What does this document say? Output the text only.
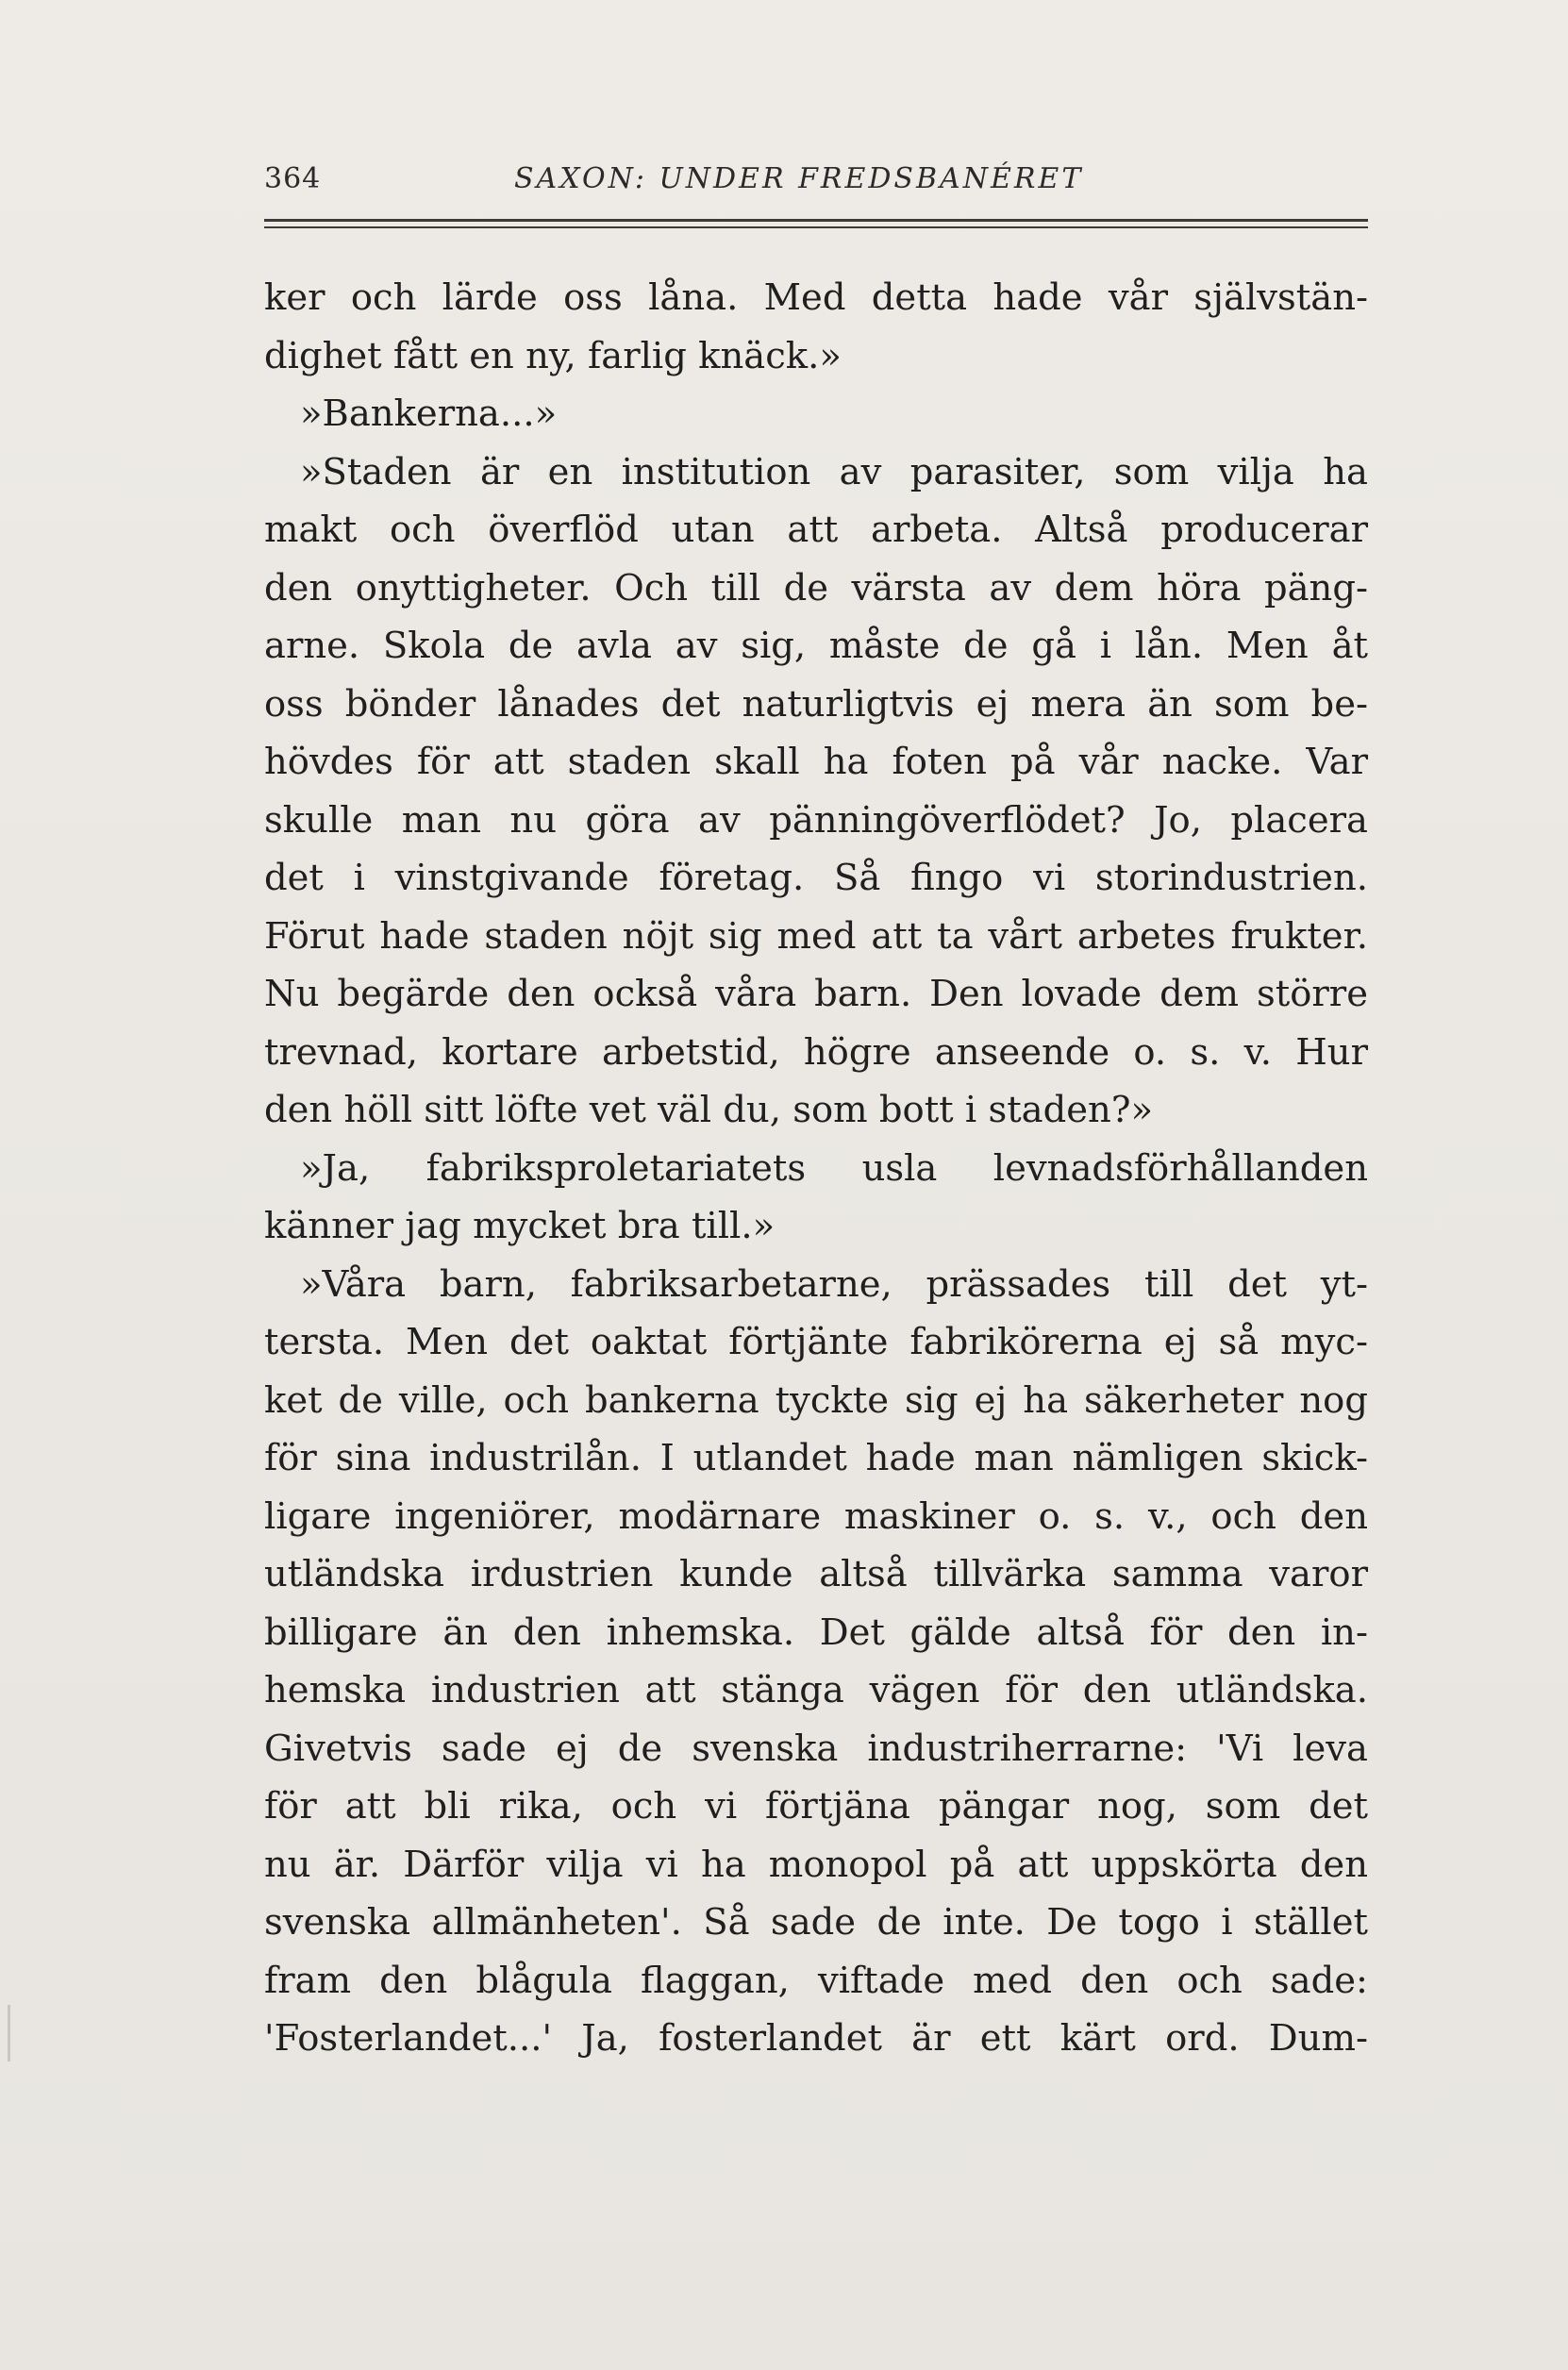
364	SAXON: UNDER FREDSBANÉRET
ker och lärde oss låna. Med detta hade vår självstän-
dighet fått en ny, farlig knäck.»
»Bankerna...»
»Staden är en institution av parasiter, som vilja ha
makt och överflöd utan att arbeta. Altså producerar
den onyttigheter. Och till de värsta av dem höra päng-
arne. Skola de avla av sig, måste de gå i lån. Men åt
oss bönder lånades det naturligtvis ej mera än som be-
hövdes för att staden skall ha foten på vår nacke. Var
skulle man nu göra av pänningöverflödet? Jo, placera
det i vinstgivande företag. Så fingo vi storindustrien.
Förut hade staden nöjt sig med att ta vårt arbetes frukter.
Nu begärde den också våra barn. Den lovade dem större
trevnad, kortare arbetstid, högre anseende o. s. v. Hur
den höll sitt löfte vet väl du, som bott i staden?»
»Ja, fabriksproletariatets usla levnadsförhållanden
känner jag mycket bra till.»
»Våra barn, fabriksarbetarne, prässades till det yt-
tersta. Men det oaktat förtjänte fabrikörerna ej så myc-
ket de ville, och bankerna tyckte sig ej ha säkerheter nog
för sina industrilån. I utlandet hade man nämligen skick-
ligare ingeniörer, modärnare maskiner o. s. v., och den
utländska irdustrien kunde altså tillvärka samma varor
billigare än den inhemska. Det gälde altså för den in-
hemska industrien att stänga vägen för den utländska.
Givetvis sade ej de svenska industriherrarne: 'Vi leva
för att bli rika, och vi förtjäna pängar nog, som det
nu är. Därför vilja vi ha monopol på att uppskörta den
svenska allmänheten'. Så sade de inte. De togo i stället
fram den blågula flaggan, viftade med den och sade:
'Fosterlandet...' Ja, fosterlandet är ett kärt ord. Dum-
